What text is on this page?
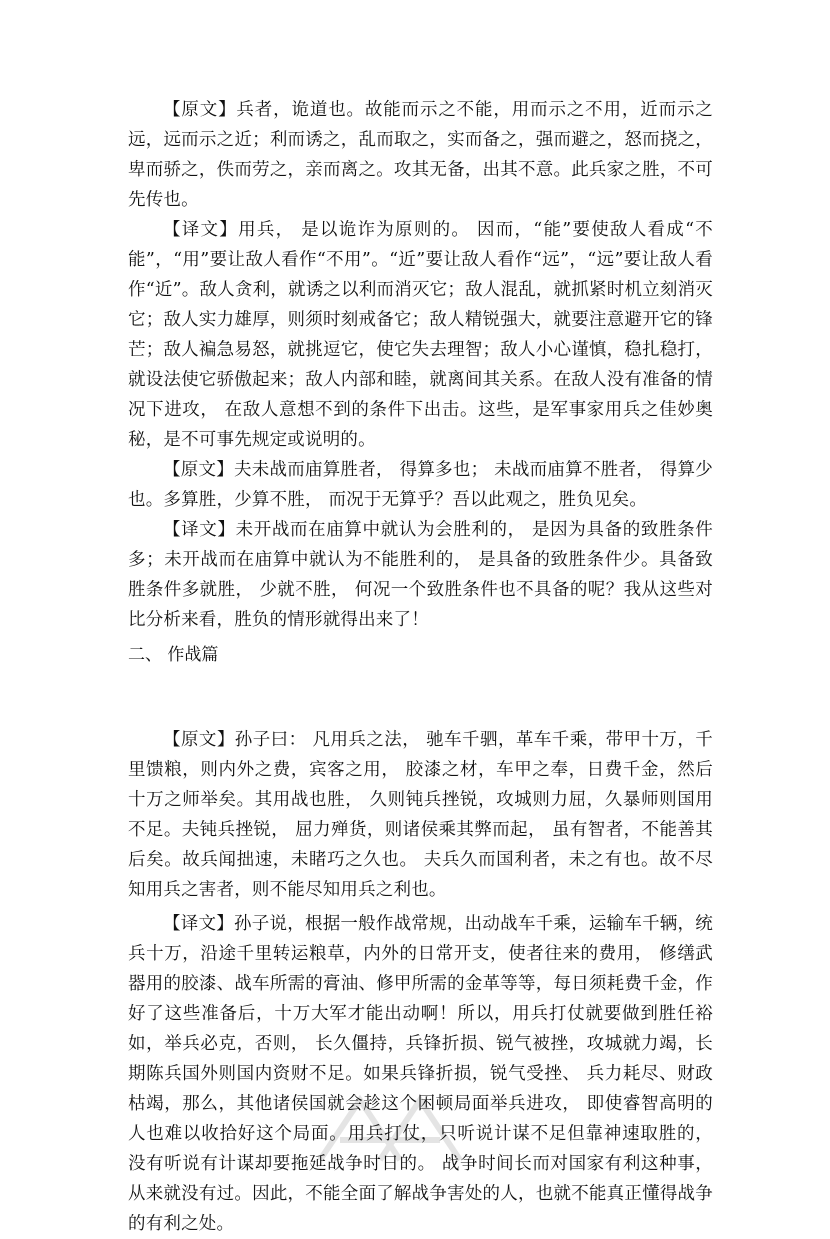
【原文】兵者，诡道也。故能而示之不能，用而示之不用，近而示之远，远而示之近；利而诱之，乱而取之，实而备之，强而避之，怒而挠之，卑而骄之，佚而劳之，亲而离之。攻其无备，出其不意。此兵家之胜，不可先传也。

【译文】用兵， 是以诡诈为原则的。 因而，“能”要使敌人看成“不能”，“用”要让敌人看作“不用”。“近”要让敌人看作“远”，“远”要让敌人看作“近”。敌人贪利，就诱之以利而消灭它；敌人混乱，就抓紧时机立刻消灭它；敌人实力雄厚，则须时刻戒备它；敌人精锐强大，就要注意避开它的锋芒；敌人褊急易怒，就挑逗它，使它失去理智；敌人小心谨慎，稳扎稳打，就设法使它骄傲起来；敌人内部和睦，就离间其关系。在敌人没有准备的情况下进攻， 在敌人意想不到的条件下出击。这些，是军事家用兵之佳妙奥秘，是不可事先规定或说明的。

【原文】夫未战而庙算胜者， 得算多也； 未战而庙算不胜者， 得算少也。多算胜，少算不胜， 而况于无算乎？吾以此观之，胜负见矣。

【译文】未开战而在庙算中就认为会胜利的， 是因为具备的致胜条件多；未开战而在庙算中就认为不能胜利的， 是具备的致胜条件少。具备致胜条件多就胜， 少就不胜， 何况一个致胜条件也不具备的呢？我从这些对比分析来看，胜负的情形就得出来了！

二、 作战篇

【原文】孙子曰： 凡用兵之法， 驰车千驷，革车千乘，带甲十万，千里馈粮，则内外之费，宾客之用， 胶漆之材，车甲之奉，日费千金，然后十万之师举矣。其用战也胜， 久则钝兵挫锐，攻城则力屈，久暴师则国用不足。夫钝兵挫锐， 屈力殚货，则诸侯乘其弊而起， 虽有智者，不能善其后矣。故兵闻拙速，未睹巧之久也。 夫兵久而国利者，未之有也。故不尽知用兵之害者，则不能尽知用兵之利也。

【译文】孙子说，根据一般作战常规，出动战车千乘，运输车千辆，统兵十万，沿途千里转运粮草，内外的日常开支，使者往来的费用， 修缮武器用的胶漆、战车所需的膏油、修甲所需的金革等等，每日须耗费千金，作好了这些准备后，十万大军才能出动啊！所以，用兵打仗就要做到胜任裕如，举兵必克，否则， 长久僵持，兵锋折损、锐气被挫，攻城就力竭，长期陈兵国外则国内资财不足。如果兵锋折损，锐气受挫、 兵力耗尽、财政枯竭，那么，其他诸侯国就会趁这个困顿局面举兵进攻， 即使睿智高明的人也难以收拾好这个局面。用兵打仗，只听说计谋不足但靠神速取胜的， 没有听说有计谋却要拖延战争时日的。 战争时间长而对国家有利这种事，从来就没有过。因此，不能全面了解战争害处的人，也就不能真正懂得战争的有利之处。
